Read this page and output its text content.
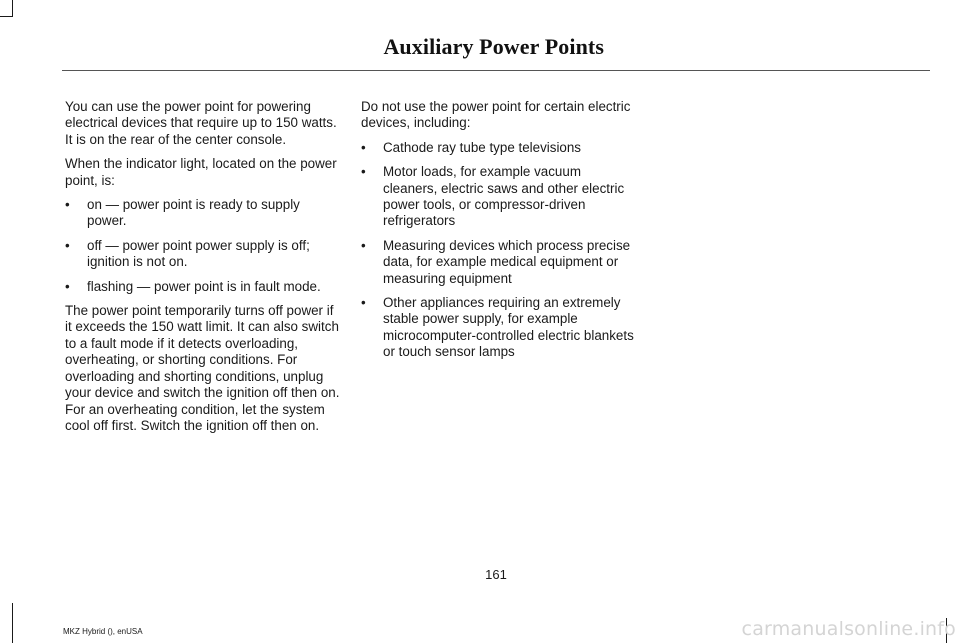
Auxiliary Power Points

You can use the power point for powering electrical devices that require up to 150 watts. It is on the rear of the center console.

When the indicator light, located on the power point, is:

• on — power point is ready to supply power.
• off — power point power supply is off; ignition is not on.
• flashing — power point is in fault mode.

The power point temporarily turns off power if it exceeds the 150 watt limit. It can also switch to a fault mode if it detects overloading, overheating, or shorting conditions. For overloading and shorting conditions, unplug your device and switch the ignition off then on. For an overheating condition, let the system cool off first. Switch the ignition off then on.

Do not use the power point for certain electric devices, including:

• Cathode ray tube type televisions
• Motor loads, for example vacuum cleaners, electric saws and other electric power tools, or compressor-driven refrigerators
• Measuring devices which process precise data, for example medical equipment or measuring equipment
• Other appliances requiring an extremely stable power supply, for example microcomputer-controlled electric blankets or touch sensor lamps
161
MKZ Hybrid (), enUSA	carmanualsonline.info
